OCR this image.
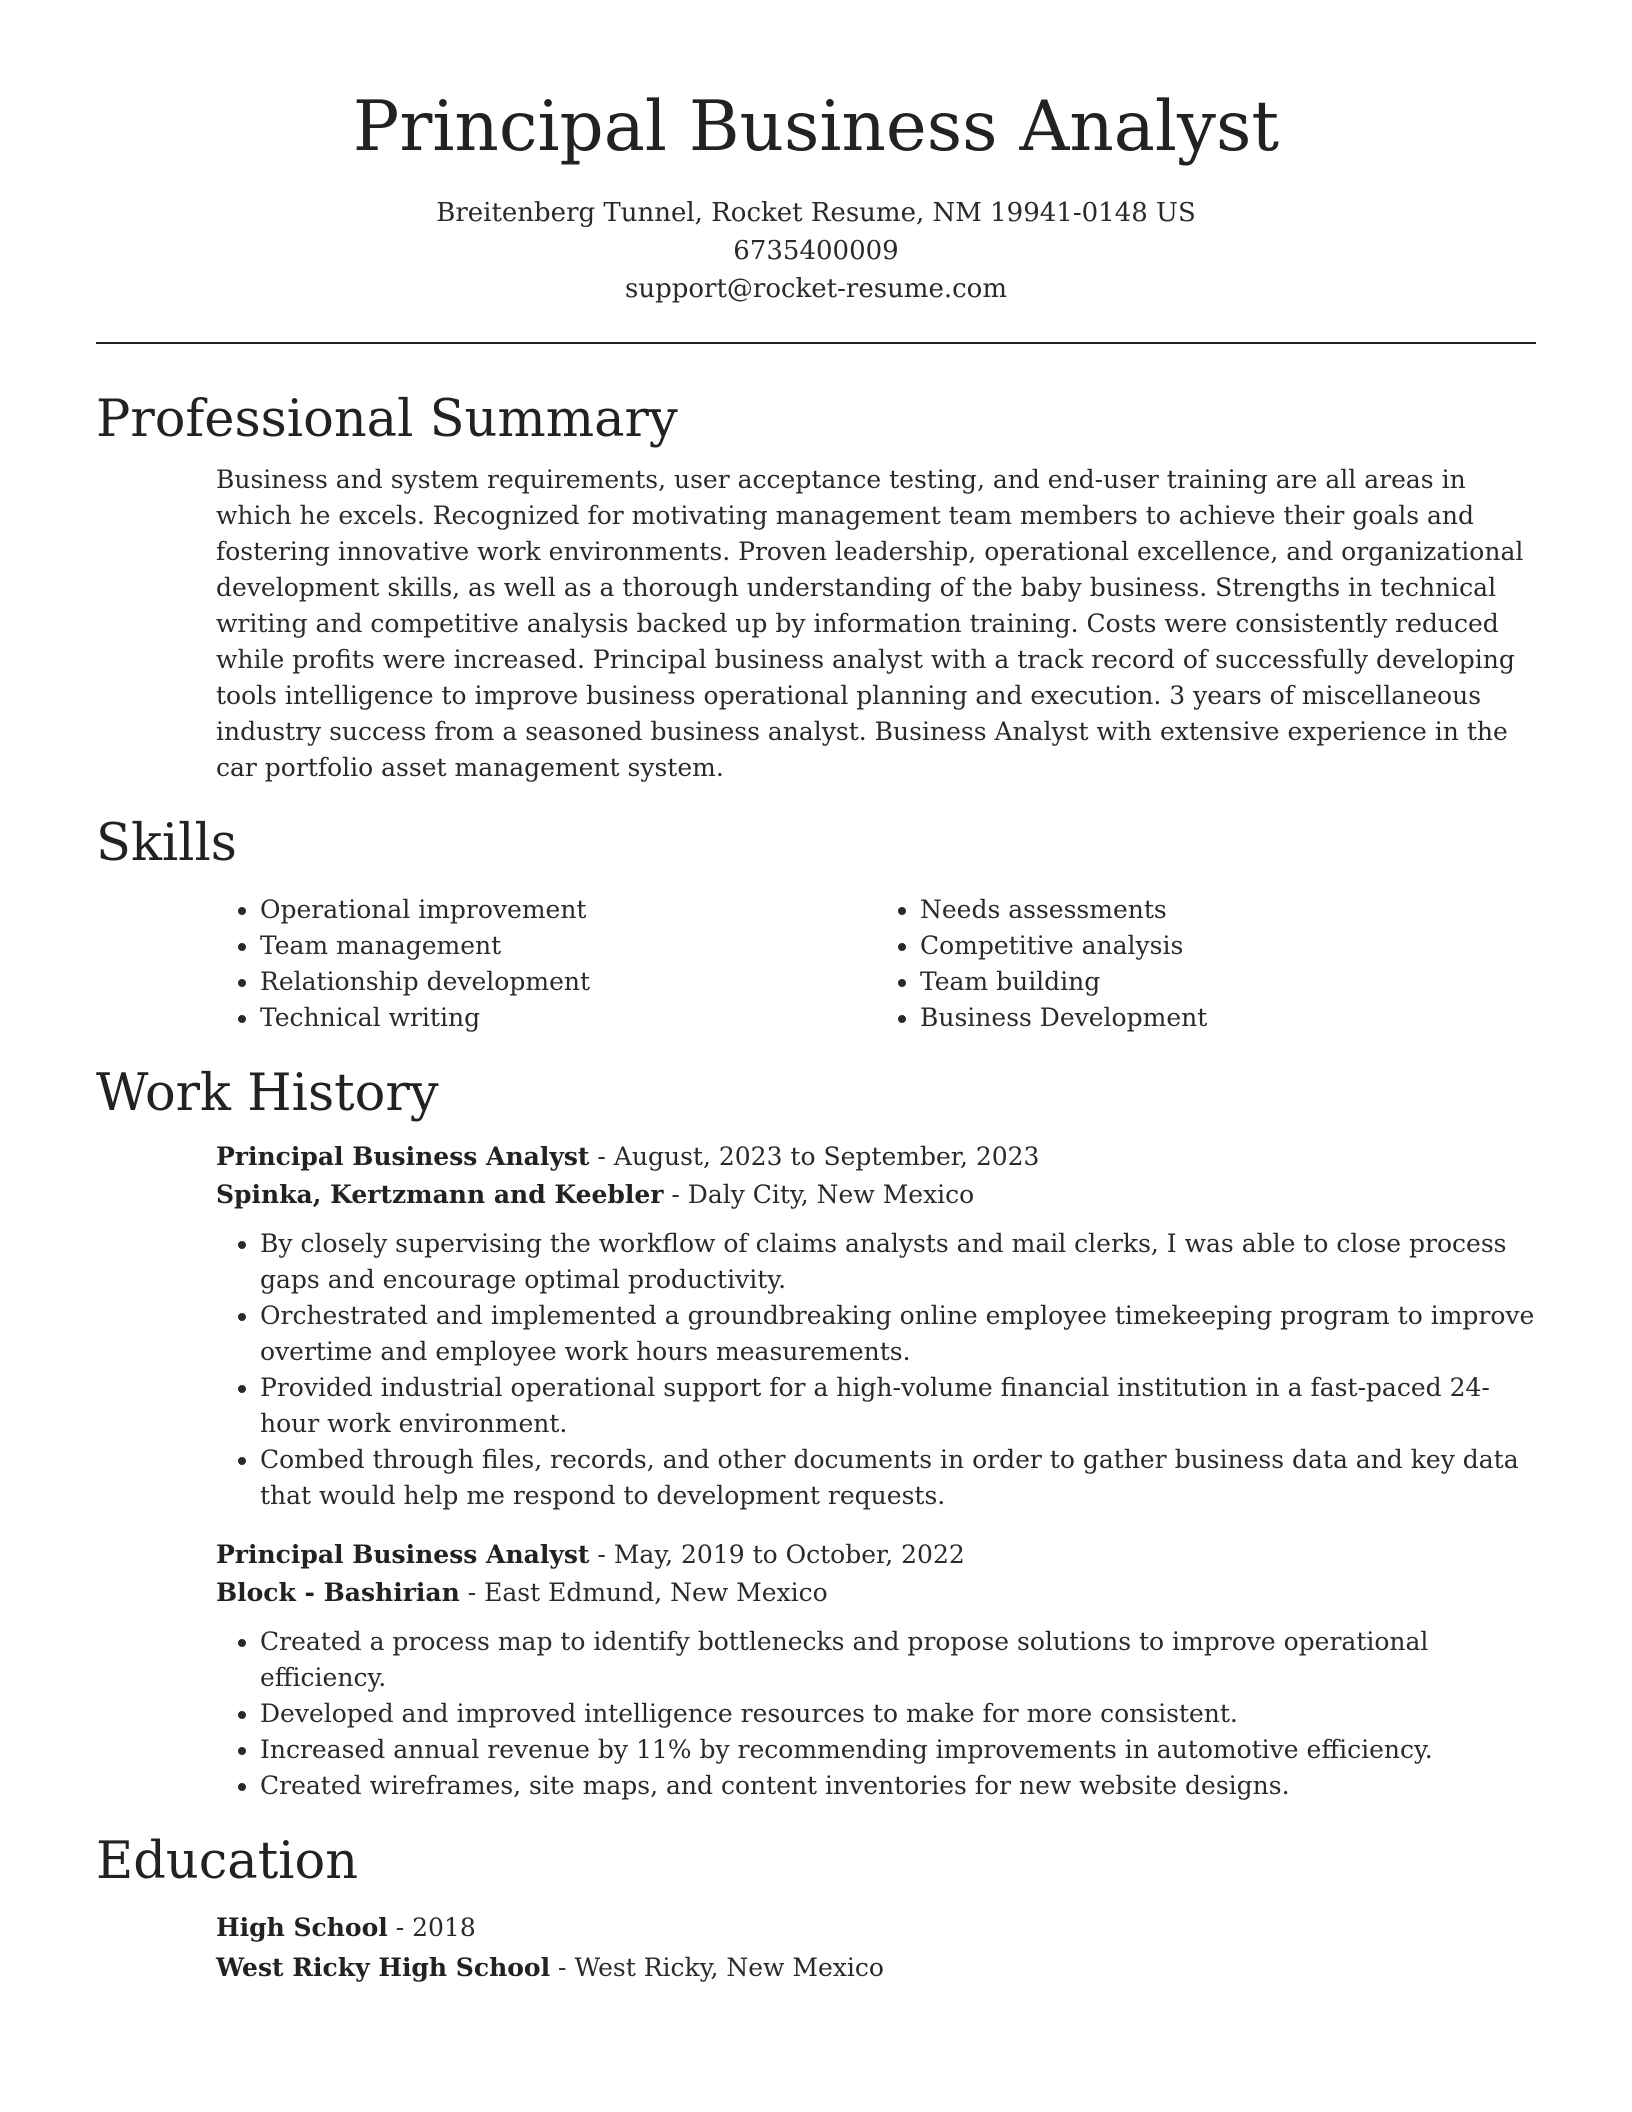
Principal Business Analyst
Breitenberg Tunnel, Rocket Resume, NM 19941-0148 US
6735400009
support@rocket-resume.com
Professional Summary

Business and system requirements, user acceptance testing, and end-user training are all areas in which he excels. Recognized for motivating management team members to achieve their goals and fostering innovative work environments. Proven leadership, operational excellence, and organizational development skills, as well as a thorough understanding of the baby business. Strengths in technical writing and competitive analysis backed up by information training. Costs were consistently reduced while profits were increased. Principal business analyst with a track record of successfully developing tools intelligence to improve business operational planning and execution. 3 years of miscellaneous industry success from a seasoned business analyst. Business Analyst with extensive experience in the car portfolio asset management system.

Skills
• Operational improvement
• Team management
• Relationship development
• Technical writing
• Needs assessments
• Competitive analysis
• Team building
• Business Development
Work History
Principal Business Analyst - August, 2023 to September, 2023
Spinka, Kertzmann and Keebler - Daly City, New Mexico
• By closely supervising the workflow of claims analysts and mail clerks, I was able to close process gaps and encourage optimal productivity.
• Orchestrated and implemented a groundbreaking online employee timekeeping program to improve overtime and employee work hours measurements.
• Provided industrial operational support for a high-volume financial institution in a fast-paced 24-hour work environment.
• Combed through files, records, and other documents in order to gather business data and key data that would help me respond to development requests.
Principal Business Analyst - May, 2019 to October, 2022
Block - Bashirian - East Edmund, New Mexico
• Created a process map to identify bottlenecks and propose solutions to improve operational efficiency.
• Developed and improved intelligence resources to make for more consistent.
• Increased annual revenue by 11% by recommending improvements in automotive efficiency.
• Created wireframes, site maps, and content inventories for new website designs.
Education
High School - 2018
West Ricky High School - West Ricky, New Mexico
